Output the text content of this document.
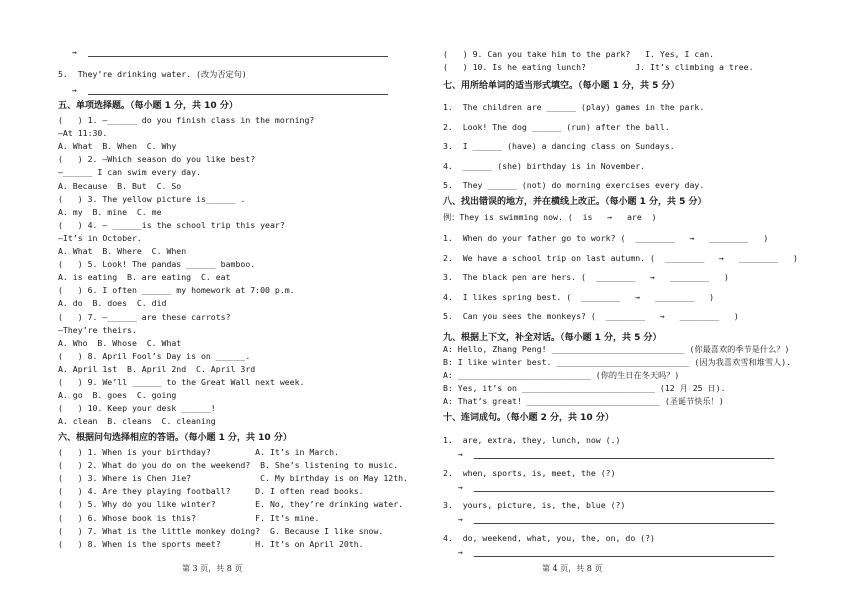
→
5.  They’re drinking water. (改为否定句)
→
五、单项选择题。（每小题 1 分，共 10 分）
(   ) 1. —______ do you finish class in the morning?
—At 11:30.
A. What  B. When  C. Why
(   ) 2. —Which season do you like best?
—______ I can swim every day.
A. Because  B. But  C. So
(   ) 3. The yellow picture is______ .
A. my  B. mine  C. me
(   ) 4. — ______is the school trip this year?
—It’s in October.
A. What  B. Where  C. When
(   ) 5. Look! The pandas ______ bamboo.
A. is eating  B. are eating  C. eat
(   ) 6. I often ______ my homework at 7:00 p.m.
A. do  B. does  C. did
(   ) 7. —______ are these carrots?
—They’re theirs.
A. Who  B. Whose  C. What
(   ) 8. April Fool’s Day is on ______.
A. April 1st  B. April 2nd  C. April 3rd
(   ) 9. We’ll ______ to the Great Wall next week.
A. go  B. goes  C. going
(   ) 10. Keep your desk ______!
A. clean  B. cleans  C. cleaning
六、根据问句选择相应的答语。（每小题 1 分，共 10 分）
(   ) 1. When is your birthday?         A. It’s in March.
(   ) 2. What do you do on the weekend?  B. She’s listening to music.
(   ) 3. Where is Chen Jie?              C. My birthday is on May 12th.
(   ) 4. Are they playing football?     D. I often read books.
(   ) 5. Why do you like winter?        E. No, they’re drinking water.
(   ) 6. Whose book is this?            F. It’s mine.
(   ) 7. What is the little monkey doing?  G. Because I like snow.
(   ) 8. When is the sports meet?       H. It’s on April 20th.
第 3 页，共 8 页
(   ) 9. Can you take him to the park?   I. Yes, I can.
(   ) 10. Is he eating lunch?          J. It’s climbing a tree.
七、用所给单词的适当形式填空。（每小题 1 分，共 5 分）
1.  The children are ______ (play) games in the park.
2.  Look! The dog ______ (run) after the ball.
3.  I ______ (have) a dancing class on Sundays.
4.  ______ (she) birthday is in November.
5.  They ______ (not) do morning exercises every day.
八、找出错误的地方，并在横线上改正。（每小题 1 分，共 5 分）
例：They is swimming now. (  is   →   are  )
1.  When do your father go to work? (  ________   →   ________   )
2.  We have a school trip on last autumn. (  ________   →   ________   )
3.  The black pen are hers. (  ________   →   ________   )
4.  I likes spring best. (  ________   →   ________   )
5.  Can you sees the monkeys? (  ________   →   ________   )
九、根据上下文，补全对话。（每小题 1 分，共 5 分）
A: Hello, Zhang Peng! ___________________________ (你最喜欢的季节是什么？)
B: I like winter best. ___________________________ (因为我喜欢雪和堆雪人).
A: ___________________________ (你的生日在冬天吗？)
B: Yes, it’s on ___________________________ (12 月 25 日).
A: That’s great! ___________________________ (圣诞节快乐！)
十、连词成句。（每小题 2 分，共 10 分）
1.  are, extra, they, lunch, now (.)
→
2.  when, sports, is, meet, the (?)
→
3.  yours, picture, is, the, blue (?)
→
4.  do, weekend, what, you, the, on, do (?)
→
第 4 页，共 8 页
